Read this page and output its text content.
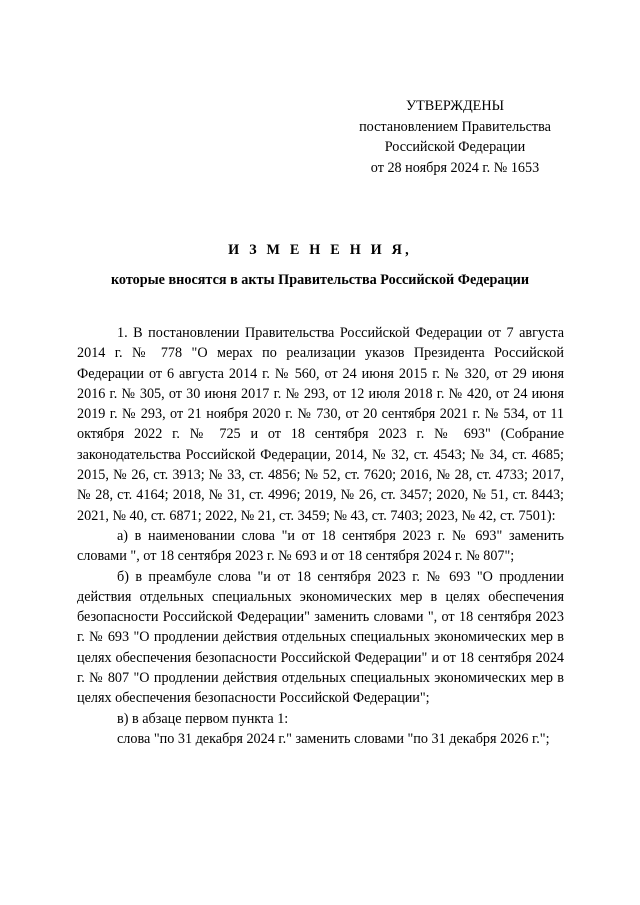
УТВЕРЖДЕНЫ
постановлением Правительства
Российской Федерации
от 28 ноября 2024 г. № 1653
И З М Е Н Е Н И Я,
которые вносятся в акты Правительства Российской Федерации

1. В постановлении Правительства Российской Федерации от 7 августа 2014 г. № 778 "О мерах по реализации указов Президента Российской Федерации от 6 августа 2014 г. № 560, от 24 июня 2015 г. № 320, от 29 июня 2016 г. № 305, от 30 июня 2017 г. № 293, от 12 июля 2018 г. № 420, от 24 июня 2019 г. № 293, от 21 ноября 2020 г. № 730, от 20 сентября 2021 г. № 534, от 11 октября 2022 г. № 725 и от 18 сентября 2023 г. № 693" (Собрание законодательства Российской Федерации, 2014, № 32, ст. 4543; № 34, ст. 4685; 2015, № 26, ст. 3913; № 33, ст. 4856; № 52, ст. 7620; 2016, № 28, ст. 4733; 2017, № 28, ст. 4164; 2018, № 31, ст. 4996; 2019, № 26, ст. 3457; 2020, № 51, ст. 8443; 2021, № 40, ст. 6871; 2022, № 21, ст. 3459; № 43, ст. 7403; 2023, № 42, ст. 7501):

а) в наименовании слова "и от 18 сентября 2023 г. № 693" заменить словами ", от 18 сентября 2023 г. № 693 и от 18 сентября 2024 г. № 807";

б) в преамбуле слова "и от 18 сентября 2023 г. № 693 "О продлении действия отдельных специальных экономических мер в целях обеспечения безопасности Российской Федерации" заменить словами ", от 18 сентября 2023 г. № 693 "О продлении действия отдельных специальных экономических мер в целях обеспечения безопасности Российской Федерации" и от 18 сентября 2024 г. № 807 "О продлении действия отдельных специальных экономических мер в целях обеспечения безопасности Российской Федерации";

в) в абзаце первом пункта 1:

слова "по 31 декабря 2024 г." заменить словами "по 31 декабря 2026 г.";
